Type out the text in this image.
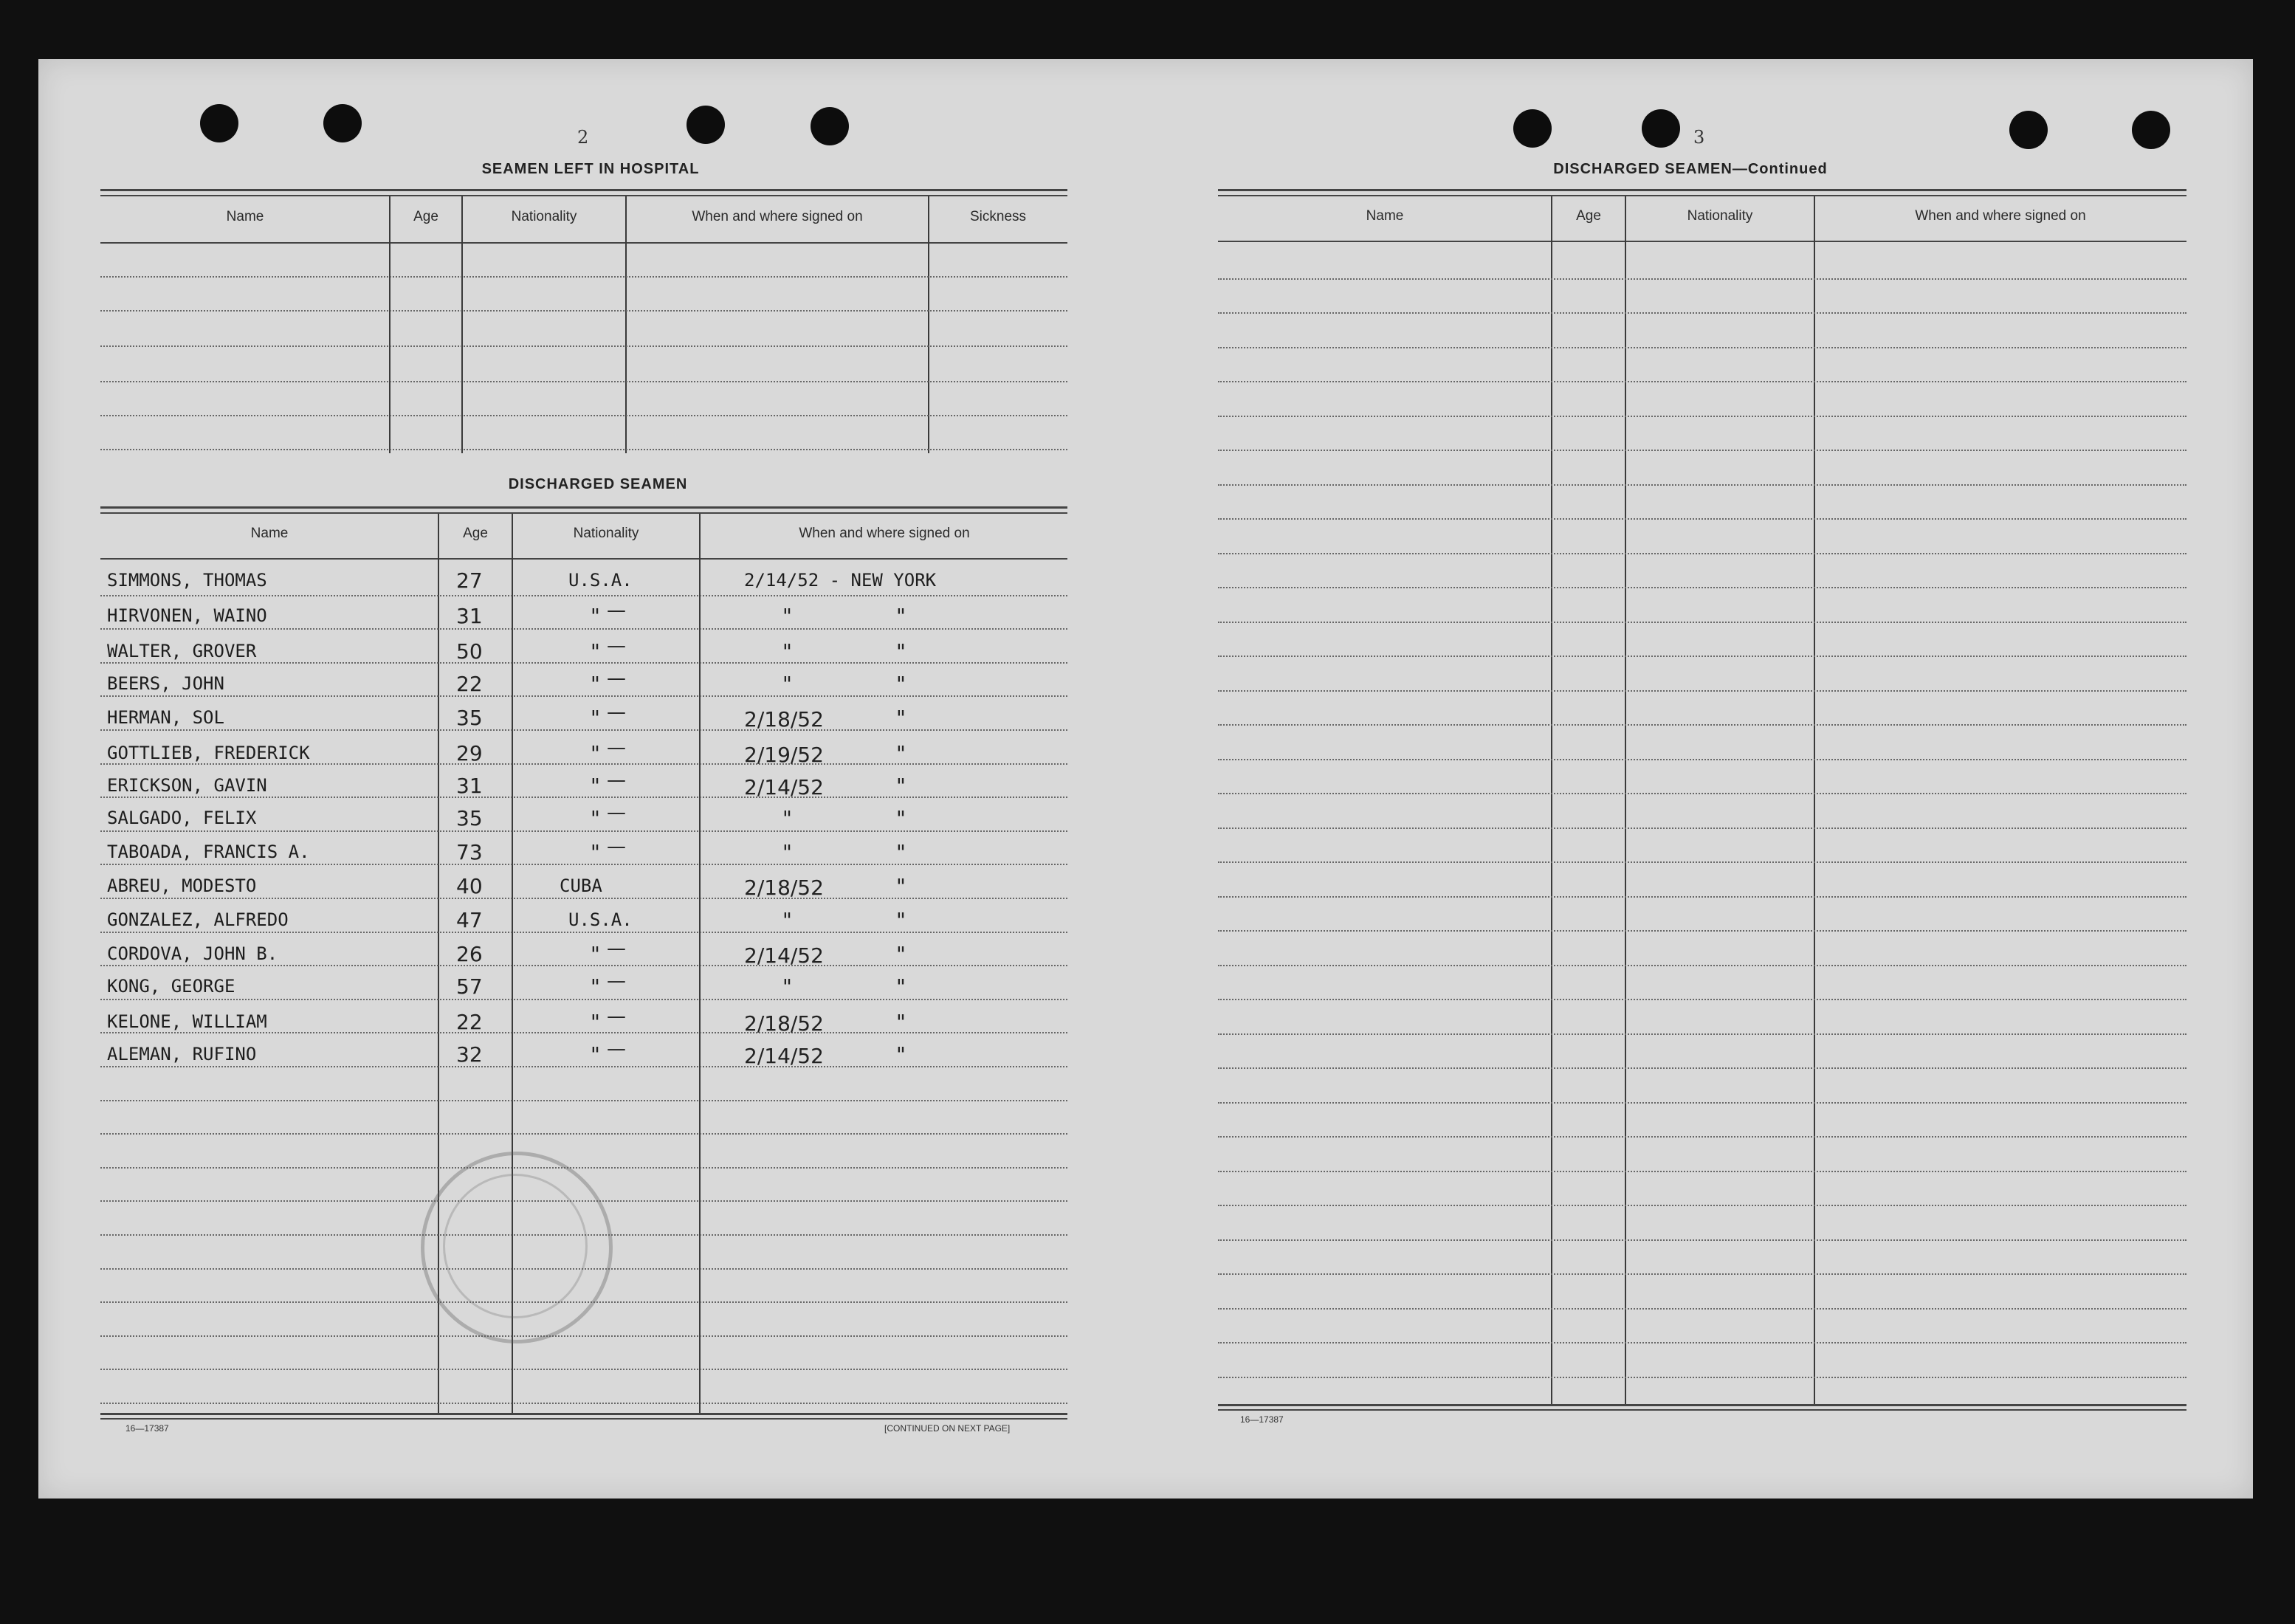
2
SEAMEN LEFT IN HOSPITAL
Name	Age	Nationality	When and where signed on	Sickness
DISCHARGED SEAMEN
Name	Age	Nationality	When and where signed on
SIMMONS, THOMAS	27	U.S.A.	2/14/52 - NEW YORK
HIRVONEN, WAINO	31	" —	"	"
WALTER, GROVER	50	" —	"	"
BEERS, JOHN	22	" —	"	"
HERMAN, SOL	35	" —	2/18/52	"
GOTTLIEB, FREDERICK	29	" —	2/19/52	"
ERICKSON, GAVIN	31	" —	2/14/52	"
SALGADO, FELIX	35	" —	"	"
TABOADA, FRANCIS A.	73	" —	"	"
ABREU, MODESTO	40	CUBA	2/18/52	"
GONZALEZ, ALFREDO	47	U.S.A.	"	"
CORDOVA, JOHN B.	26	" —	2/14/52	"
KONG, GEORGE	57	" —	"	"
KELONE, WILLIAM	22	" —	2/18/52	"
ALEMAN, RUFINO	32	" —	2/14/52	"
16—17387	[CONTINUED ON NEXT PAGE]
3
DISCHARGED SEAMEN—Continued
Name	Age	Nationality	When and where signed on
16—17387
